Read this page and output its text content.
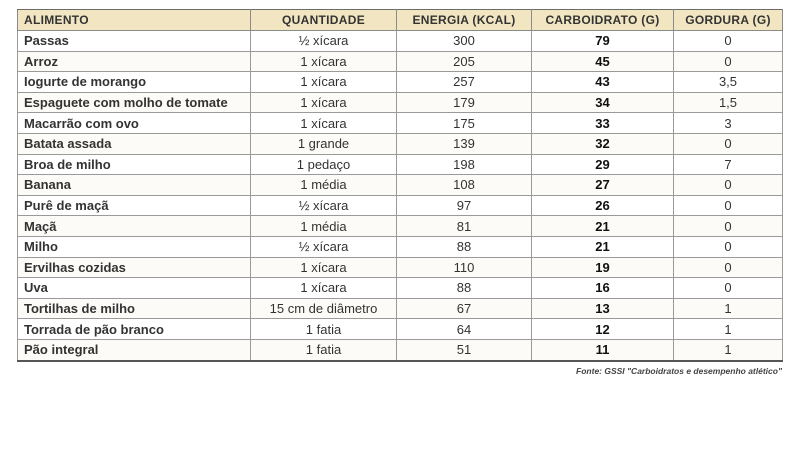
ALIMENTO	QUANTIDADE	ENERGIA (KCAL)	CARBOIDRATO (G)	GORDURA (G)
Passas	½ xícara	300	79	0
Arroz	1 xícara	205	45	0
Iogurte de morango	1 xícara	257	43	3,5
Espaguete com molho de tomate	1 xícara	179	34	1,5
Macarrão com ovo	1 xícara	175	33	3
Batata assada	1 grande	139	32	0
Broa de milho	1 pedaço	198	29	7
Banana	1 média	108	27	0
Purê de maçã	½ xícara	97	26	0
Maçã	1 média	81	21	0
Milho	½ xícara	88	21	0
Ervilhas cozidas	1 xícara	110	19	0
Uva	1 xícara	88	16	0
Tortilhas de milho	15 cm de diâmetro	67	13	1
Torrada de pão branco	1 fatia	64	12	1
Pão integral	1 fatia	51	11	1
Fonte: GSSI "Carboidratos e desempenho atlético"
